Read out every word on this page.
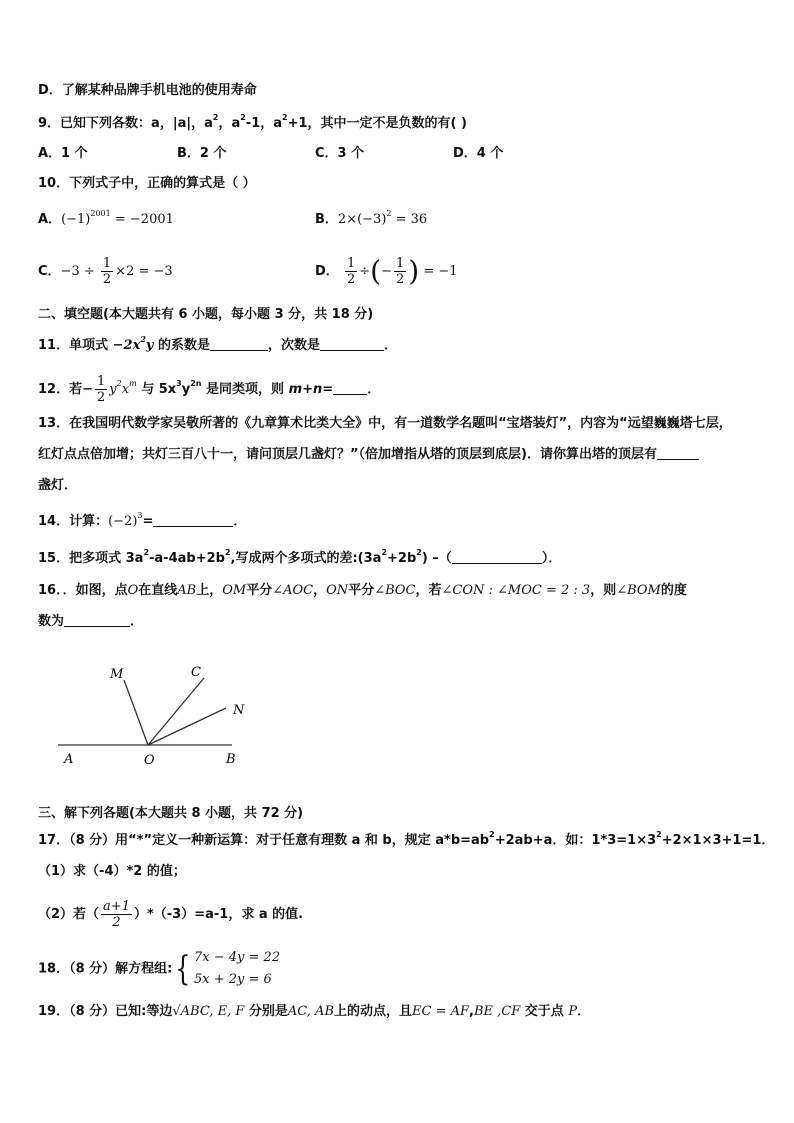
D．了解某种品牌手机电池的使用寿命
9．已知下列各数：a，|a|，$a^2$，$a^2-1$，$a^2+1$，其中一定不是负数的有( )
A．1 个	B．2 个	C．3 个	D．4 个
10．下列式子中，正确的算式是（ ）
A．$(-1)^{2001} = -2001$	B．$2\times(-3)^2 = 36$
C．$-3 \div \frac{1}{2} \times 2 = -3$	D． $\frac{1}{2}$ ÷(− $\frac{1}{2}$ ) = −1
二、填空题(本大题共有 6 小题，每小题 3 分，共 18 分)
11．单项式 $-2x^2y$ 的系数是	，次数是	．
12．若− $\frac{1}{2} y^2x^m$ 与 $5x^3y^{2n}$ 是同类项，则 m+n=	．
13．在我国明代数学家吴敬所著的《九章算术比类大全》中，有一道数学名题叫“宝塔装灯”，内容为“远望巍巍塔七层，
红灯点点倍加增；共灯三百八十一，请问顶层几盏灯？”（倍加增指从塔的顶层到底层)．请你算出塔的顶层有
盏灯．
14．计算：$(-2)^3=$	．
15．把多项式 $3a^2-a-4ab+2b^2$,写成两个多项式的差$:(3a^2+2b^2)$ –（	）．
16．．如图，点O在直线AB上，OM平分∠AOC，ON平分∠BOC，若∠CON : ∠MOC = 2 : 3，则∠BOM的度
数为	．
M	C
N
A	O	B
三、解下列各题(本大题共 8 小题，共 72 分)
17．（8 分）用“*”定义一种新运算：对于任意有理数 a 和 b，规定 $a*b=ab^2+2ab+a$．如：$1*3=1\times 3^2+2\times 1\times 3+1=1$．
（1）求（-4）*2 的值；
（2）若（ $\frac{a+1}{2} )*(-3)=a-1$，求 a 的值.
18．（8 分）解方程组:{ 7x − 4y = 22
5x + 2y = 6
19．（8 分）已知:等边√ABC, E, F 分别是AC, AB上的动点，且EC = AF,BE ,CF 交于点 P．
